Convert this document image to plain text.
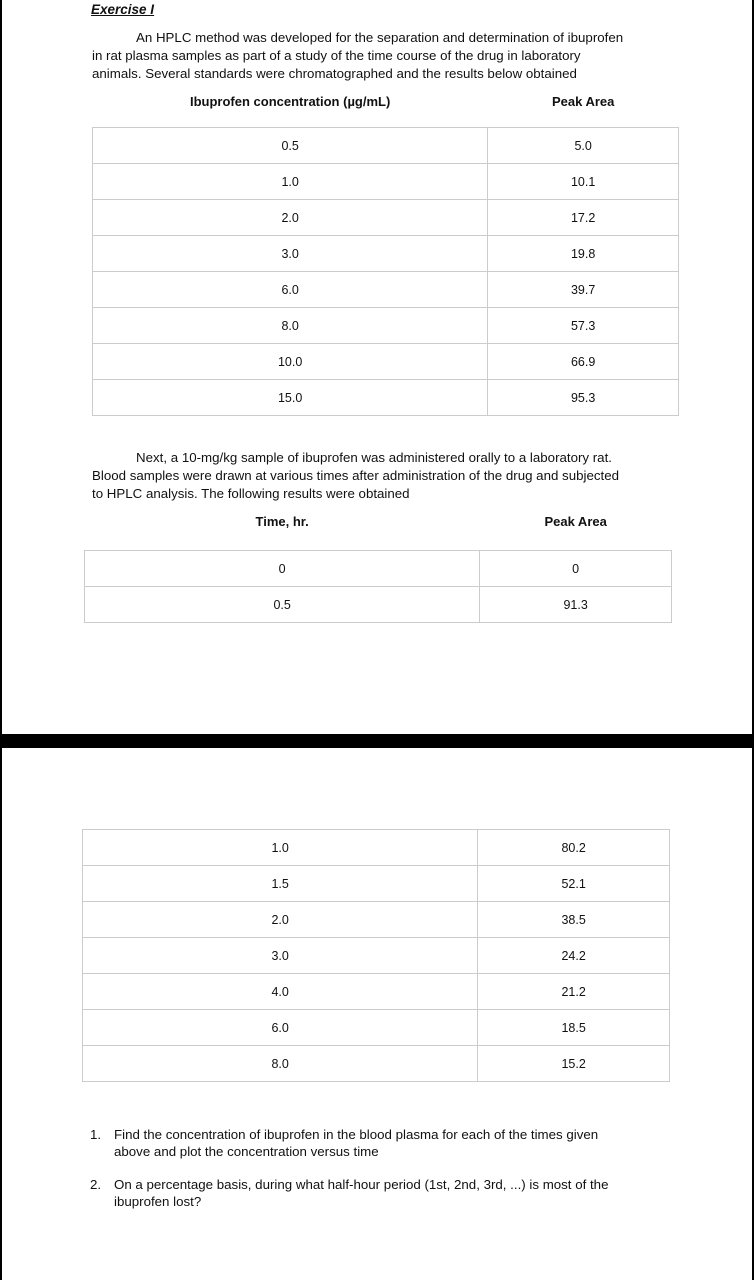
Exercise I
An HPLC method was developed for the separation and determination of ibuprofen
in rat plasma samples as part of a study of the time course of the drug in laboratory
animals. Several standards were chromatographed and the results below obtained
Ibuprofen concentration (µg/mL)	Peak Area
0.5	5.0
1.0	10.1
2.0	17.2
3.0	19.8
6.0	39.7
8.0	57.3
10.0	66.9
15.0	95.3
Next, a 10-mg/kg sample of ibuprofen was administered orally to a laboratory rat.
Blood samples were drawn at various times after administration of the drug and subjected
to HPLC analysis. The following results were obtained
Time, hr.	Peak Area
0	0
0.5	91.3
1.0	80.2
1.5	52.1
2.0	38.5
3.0	24.2
4.0	21.2
6.0	18.5
8.0	15.2
1. Find the concentration of ibuprofen in the blood plasma for each of the times given
above and plot the concentration versus time
2. On a percentage basis, during what half-hour period (1st, 2nd, 3rd, ...) is most of the
ibuprofen lost?
